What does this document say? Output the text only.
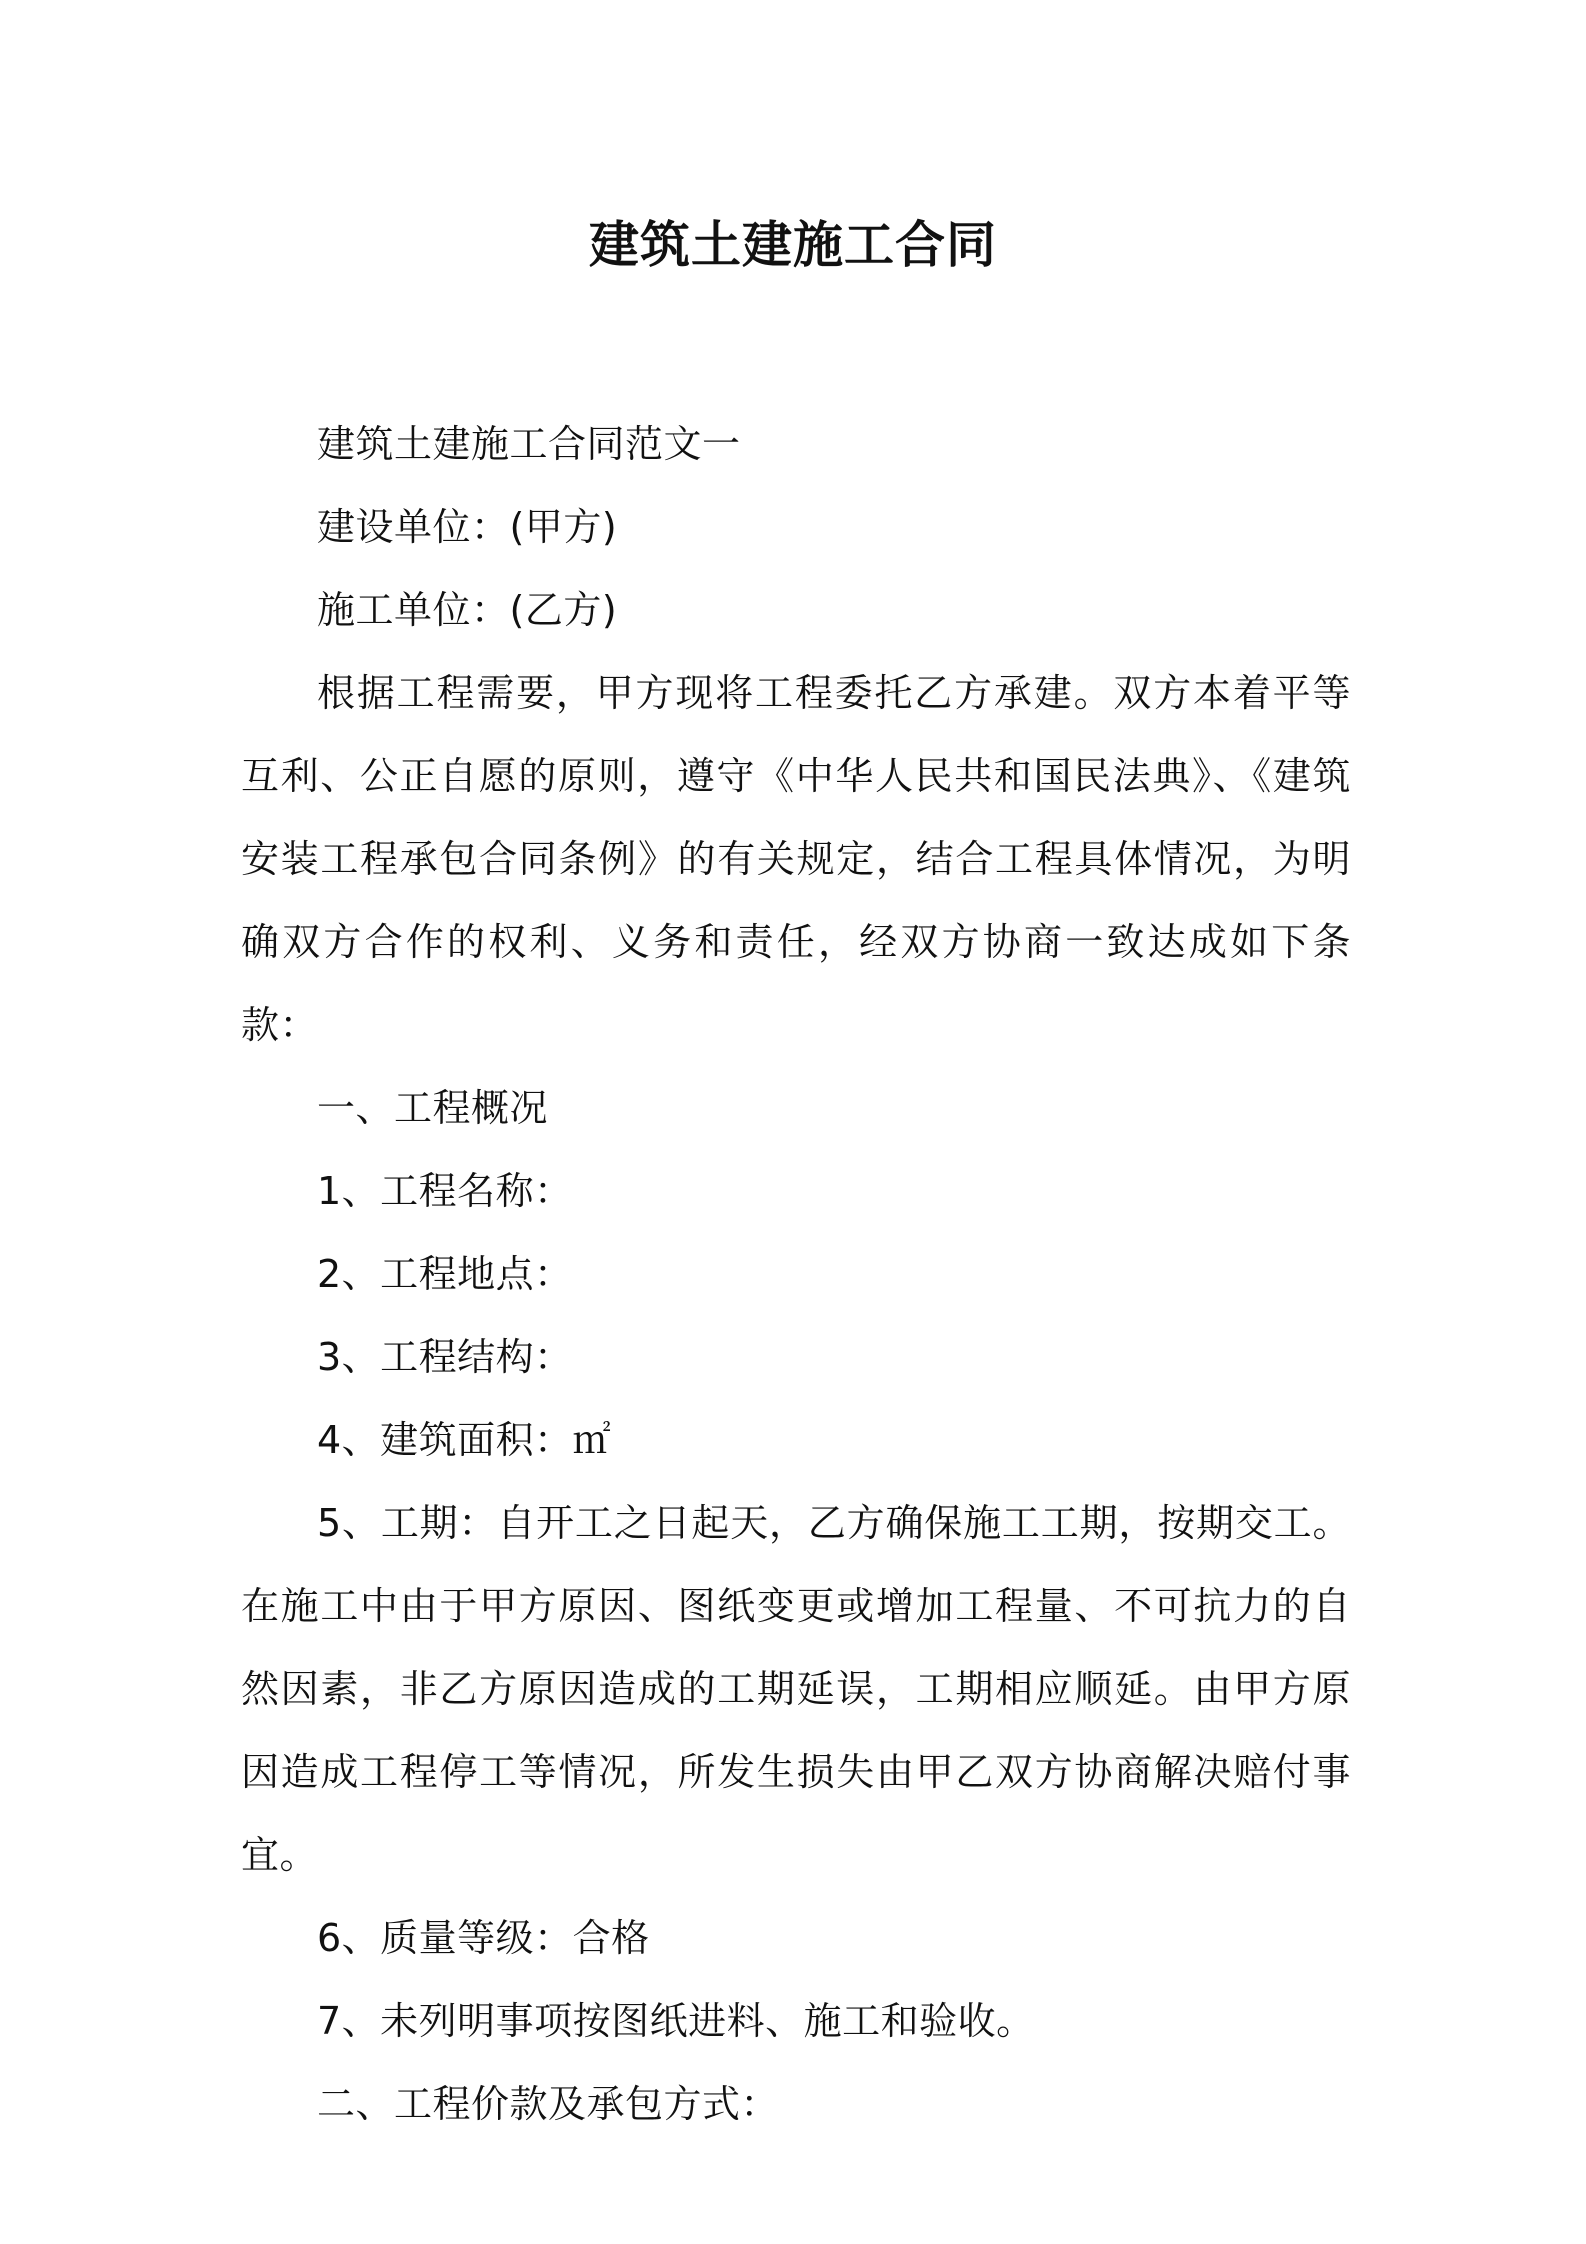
建筑土建施工合同

建筑土建施工合同范文一

建设单位：(甲方)

施工单位：(乙方)

根据工程需要，甲方现将工程委托乙方承建。双方本着平等互利、公正自愿的原则，遵守《中华人民共和国民法典》、《建筑安装工程承包合同条例》的有关规定，结合工程具体情况，为明确双方合作的权利、义务和责任，经双方协商一致达成如下条款：

一、工程概况

1、工程名称：

2、工程地点：

3、工程结构：

4、建筑面积：㎡

5、工期：自开工之日起天，乙方确保施工工期，按期交工。在施工中由于甲方原因、图纸变更或增加工程量、不可抗力的自然因素，非乙方原因造成的工期延误，工期相应顺延。由甲方原因造成工程停工等情况，所发生损失由甲乙双方协商解决赔付事宜。

6、质量等级：合格

7、未列明事项按图纸进料、施工和验收。

二、工程价款及承包方式：
